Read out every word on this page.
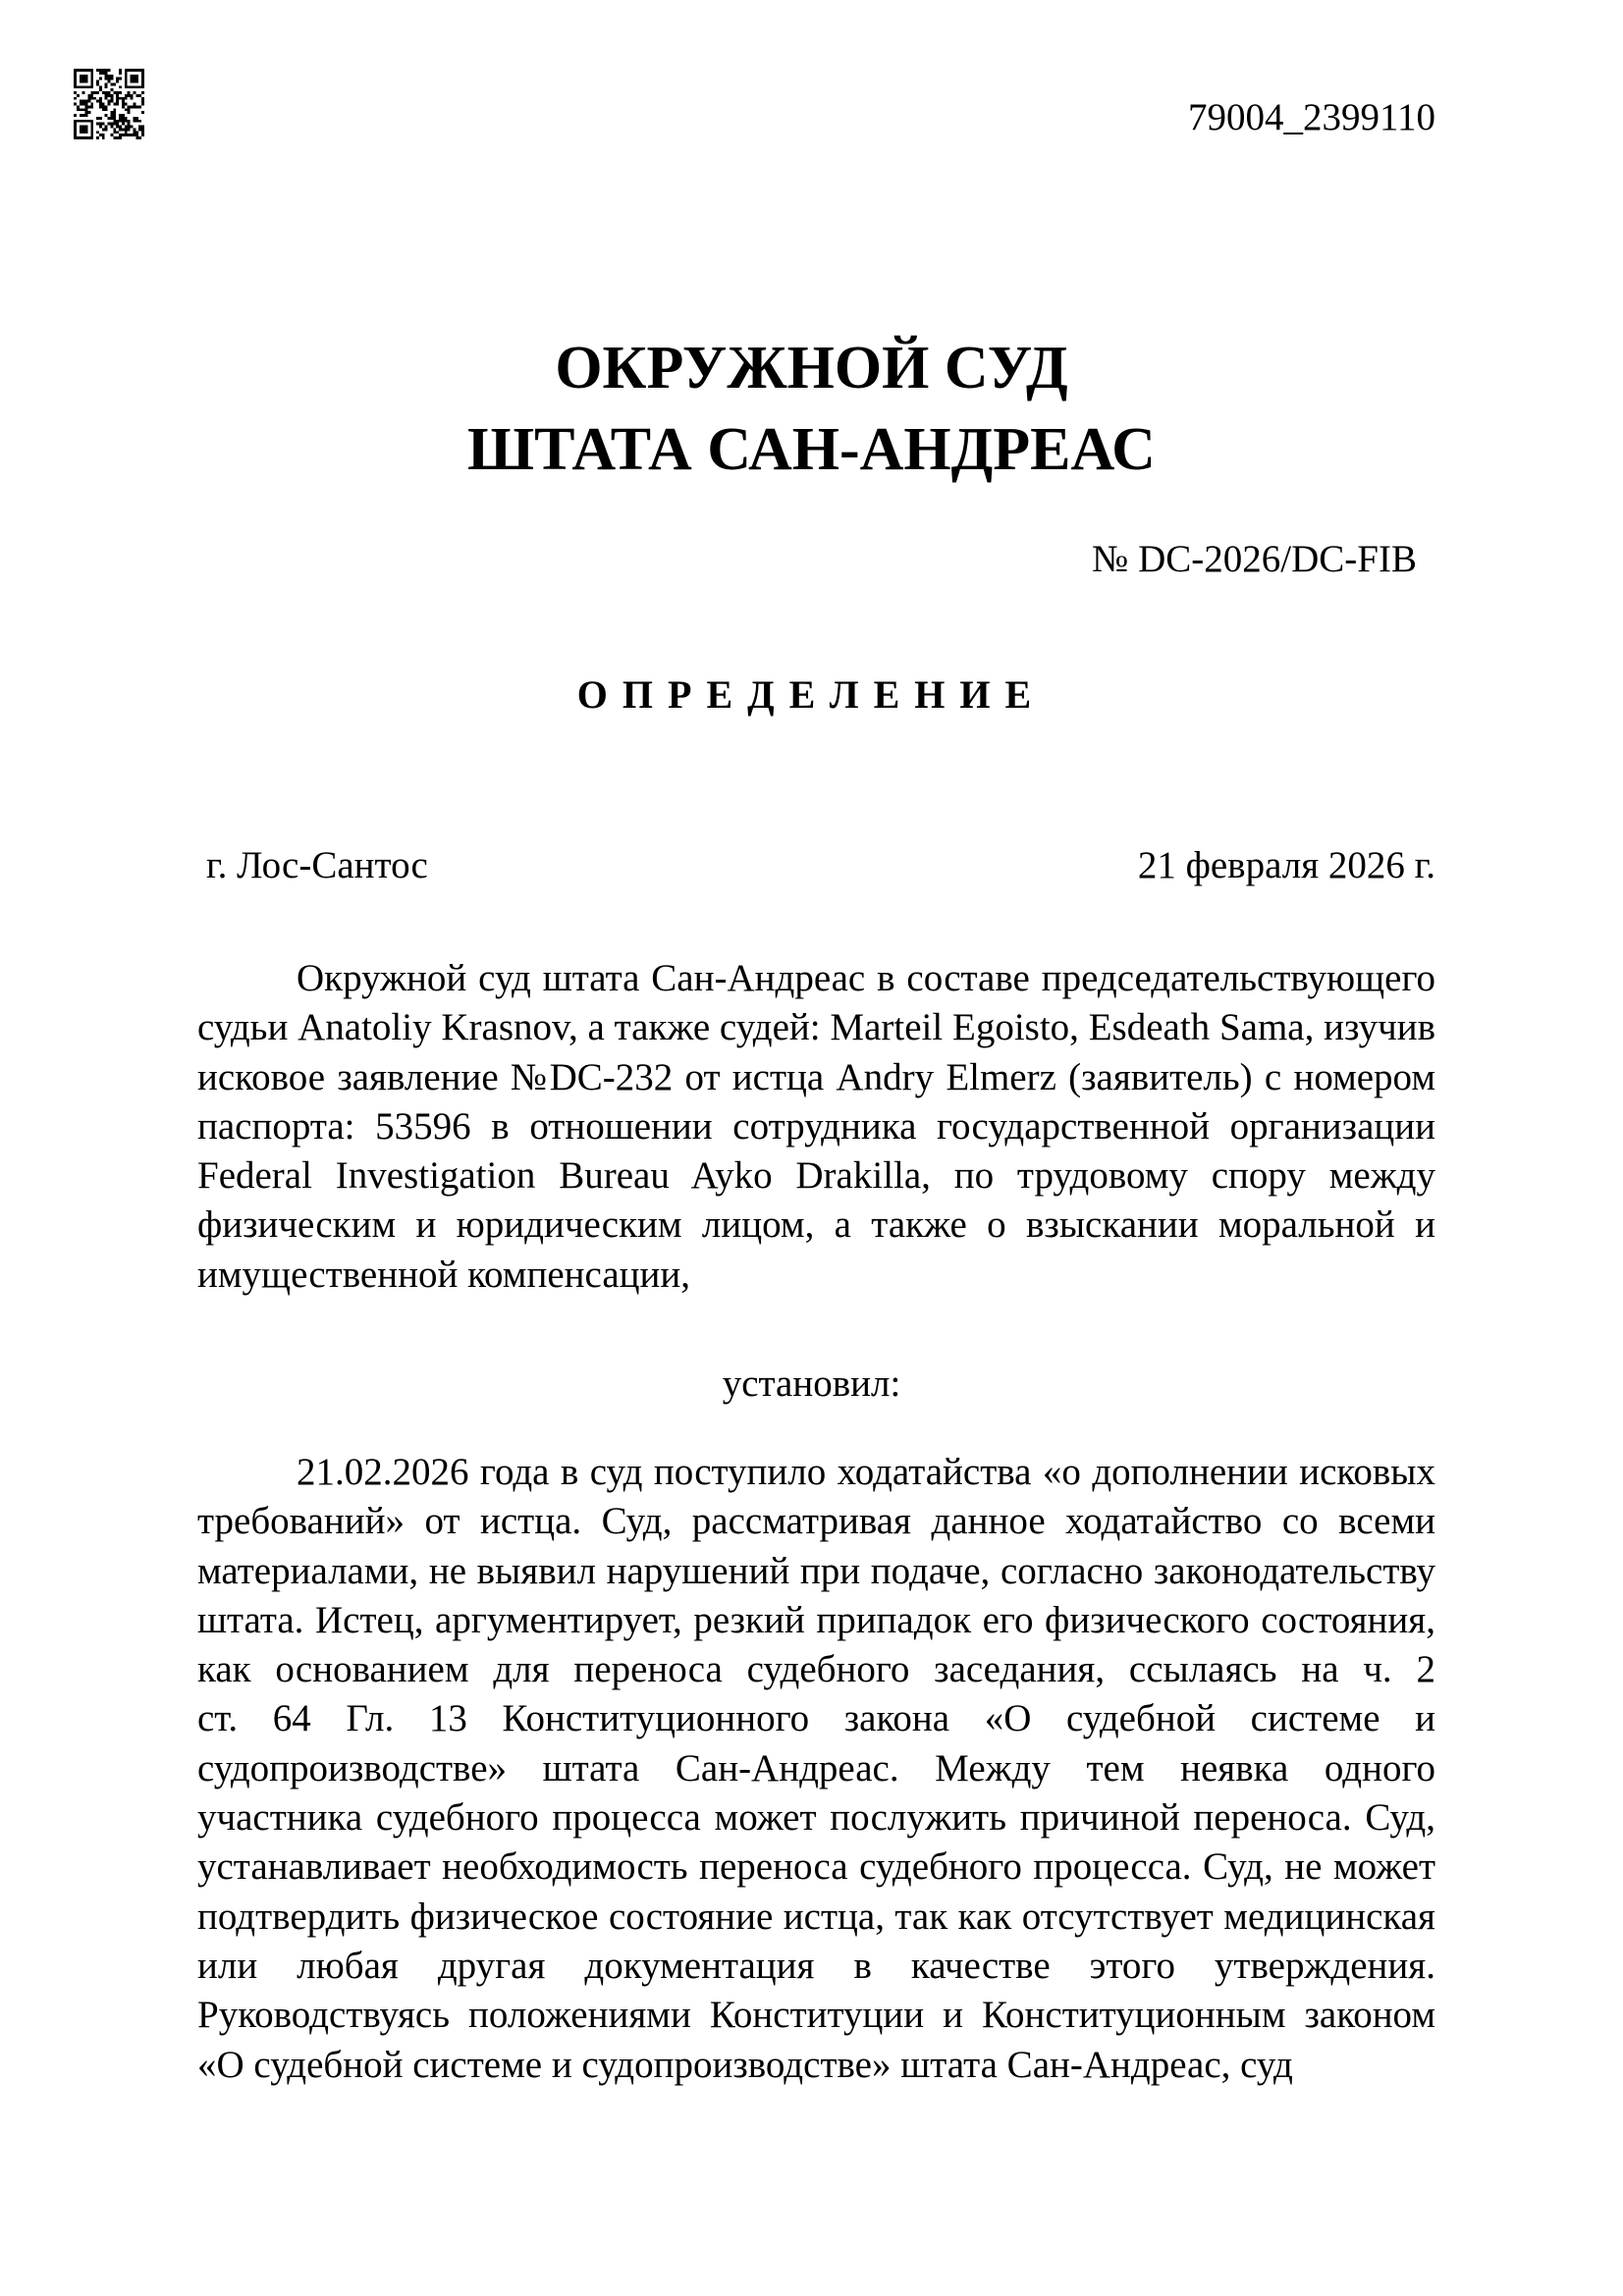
79004_2399110
ОКРУЖНОЙ СУД
ШТАТА САН-АНДРЕАС
№ DC-2026/DC-FIB
ОПРЕДЕЛЕНИЕ
г. Лос-Сантос	21 февраля 2026 г.
Окружной суд штата Сан-Андреас в составе председательствующего
судьи Anatoliy Krasnov, а также судей: Marteil Egoisto, Esdeath Sama, изучив
исковое заявление №DC-232 от истца Andry Elmerz (заявитель) с номером
паспорта: 53596 в отношении сотрудника государственной организации
Federal Investigation Bureau Ayko Drakilla, по трудовому спору между
физическим и юридическим лицом, а также о взыскании моральной и
имущественной компенсации,
установил:
21.02.2026 года в суд поступило ходатайства «о дополнении исковых
требований» от истца. Суд, рассматривая данное ходатайство со всеми
материалами, не выявил нарушений при подаче, согласно законодательству
штата. Истец, аргументирует, резкий припадок его физического состояния,
как основанием для переноса судебного заседания, ссылаясь на ч. 2
ст. 64 Гл. 13 Конституционного закона «О судебной системе и
судопроизводстве» штата Сан-Андреас. Между тем неявка одного
участника судебного процесса может послужить причиной переноса. Суд,
устанавливает необходимость переноса судебного процесса. Суд, не может
подтвердить физическое состояние истца, так как отсутствует медицинская
или любая другая документация в качестве этого утверждения.
Руководствуясь положениями Конституции и Конституционным законом
«О судебной системе и судопроизводстве» штата Сан-Андреас, суд
